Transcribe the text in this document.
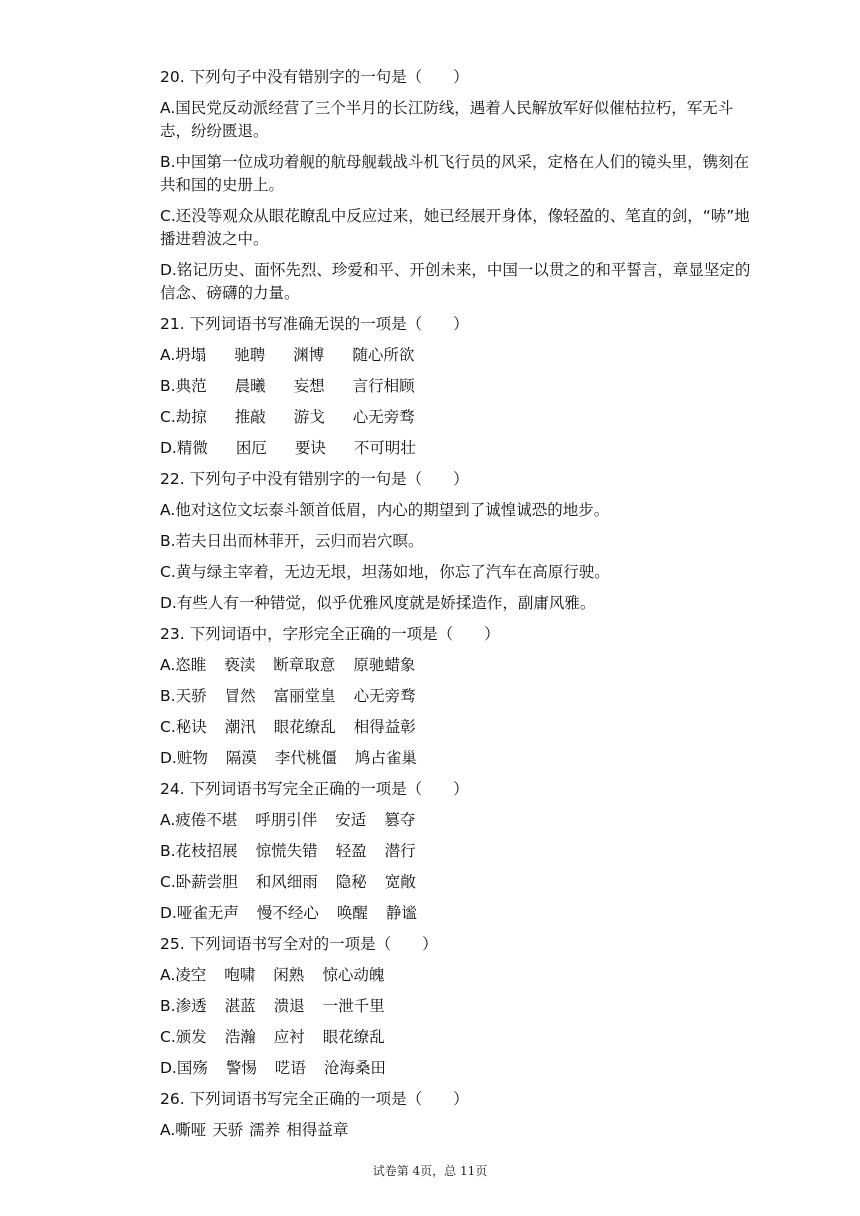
20. 下列句子中没有错别字的一句是（　　）
A.国民党反动派经营了三个半月的长江防线，遇着人民解放军好似催枯拉朽，军无斗志，纷纷匮退。
B.中国第一位成功着舰的航母舰载战斗机飞行员的风采，定格在人们的镜头里，镌刻在共和国的史册上。
C.还没等观众从眼花瞭乱中反应过来，她已经展开身体，像轻盈的、笔直的剑，“哧”地播进碧波之中。
D.铭记历史、面怀先烈、珍爱和平、开创未来，中国一以贯之的和平誓言，章显坚定的信念、磅礴的力量。
21. 下列词语书写准确无误的一项是（　　）
A.坍塌 驰聘 渊博 随心所欲
B.典范 晨曦 妄想 言行相顾
C.劫掠 推敲 游戈 心无旁骛
D.精微 困厄 要诀 不可明壮
22. 下列句子中没有错别字的一句是（　　）
A.他对这位文坛泰斗颔首低眉，内心的期望到了诚惶诚恐的地步。
B.若夫日出而林菲开，云归而岩穴暝。
C.黄与绿主宰着，无边无垠，坦荡如地，你忘了汽车在高原行驶。
D.有些人有一种错觉，似乎优雅风度就是娇揉造作，副庸风雅。
23. 下列词语中，字形完全正确的一项是（　　）
A.恣睢 亵渎 断章取意 原驰蜡象
B.天骄 冒然 富丽堂皇 心无旁骛
C.秘诀 潮汛 眼花缭乱 相得益彰
D.赃物 隔漠 李代桃僵 鸠占雀巢
24. 下列词语书写完全正确的一项是（　　）
A.疲倦不堪 呼朋引伴 安适 篡夺
B.花枝招展 惊慌失错 轻盈 潜行
C.卧薪尝胆 和风细雨 隐秘 宽敞
D.哑雀无声 慢不经心 唤醒 静谧
25. 下列词语书写全对的一项是（　　）
A.凌空 咆啸 闲熟 惊心动魄
B.渗透 湛蓝 溃退 一泄千里
C.颁发 浩瀚 应衬 眼花缭乱
D.国殇 警惕 呓语 沧海桑田
26. 下列词语书写完全正确的一项是（　　）
A.嘶哑 天骄 濡养 相得益章
试卷第 4页，总 11页
